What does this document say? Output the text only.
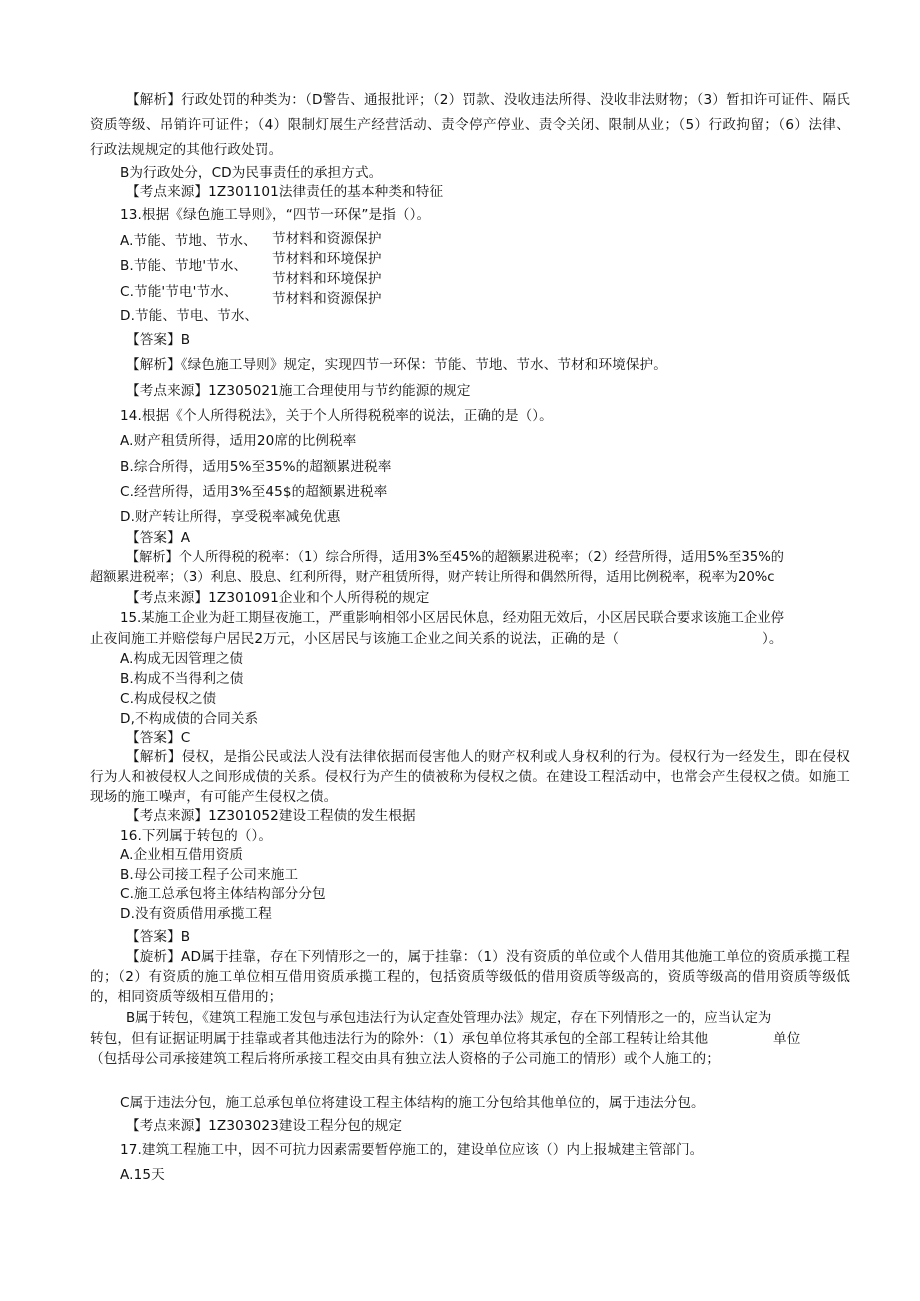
【解析】行政处罚的种类为：（D警告、通报批评；（2）罚款、没收违法所得、没收非法财物；（3）暂扣许可证件、隔氏资质等级、吊销许可证件；（4）限制灯展生产经营活动、责令停产停业、责令关闭、限制从业；（5）行政拘留；（6）法律、行政法规规定的其他行政处罚。
B为行政处分，CD为民事责任的承担方式。
【考点来源】1Z301101法律责任的基本种类和特征
13.根据《绿色施工导则》，“四节一环保”是指（）。
A.节能、节地、节水、 节材料和资源保护
B.节能、节地'节水、 节材料和环境保护
C.节能'节电'节水、
节材料和环境保护
节材料和资源保护
D.节能、节电、节水、
【答案】B
【解析】《绿色施工导则》规定，实现四节一环保：节能、节地、节水、节材和环境保护。
【考点来源】1Z305021施工合理使用与节约能源的规定
14.根据《个人所得税法》，关于个人所得税税率的说法，正确的是（）。
A.财产租赁所得，适用20席的比例税率
B.综合所得，适用5%至35%的超额累进税率
C.经营所得，适用3%至45$的超额累进税率
D.财产转让所得，享受税率减免优惠
【答案】A
【解析】个人所得税的税率：（1）综合所得，适用3%至45%的超额累进税率；（2）经营所得，适用5%至35%的
超额累进税率；（3）利息、股息、红利所得，财产租赁所得，财产转让所得和偶然所得，适用比例税率，税率为20%c
【考点来源】1Z301091企业和个人所得税的规定
15.某施工企业为赶工期昼夜施工，严重影响相邻小区居民休息，经劝阻无效后，小区居民联合要求该施工企业停
止夜间施工并赔偿每户居民2万元，小区居民与该施工企业之间关系的说法，正确的是（	）。
A.构成无因管理之债
B.构成不当得利之债
C.构成侵权之债
D,不构成债的合同关系
【答案】C
【解析】侵权，是指公民或法人没有法律依据而侵害他人的财产权利或人身权利的行为。侵权行为一经发生，即在侵权行为人和被侵权人之间形成债的关系。侵权行为产生的债被称为侵权之债。在建设工程活动中，也常会产生侵权之债。如施工现场的施工噪声，有可能产生侵权之债。
【考点来源】1Z301052建设工程债的发生根据
16.下列属于转包的（）。
A.企业相互借用资质
B.母公司接工程子公司来施工
C.施工总承包将主体结构部分分包
D.没有资质借用承揽工程
【答案】B
【旋析】AD属于挂靠，存在下列情形之一的，属于挂靠：（1）没有资质的单位或个人借用其他施工单位的资质承揽工程的；（2）有资质的施工单位相互借用资质承揽工程的，包括资质等级低的借用资质等级高的，资质等级高的借用资质等级低的，相同资质等级相互借用的；
B属于转包，《建筑工程施工发包与承包违法行为认定查处管理办法》规定，存在下列情形之一的，应当认定为
转包，但有证据证明属于挂靠或者其他违法行为的除外：（1）承包单位将其承包的全部工程转让给其他	单位
（包括母公司承接建筑工程后将所承接工程交由具有独立法人资格的子公司施工的情形）或个人施工的；
C属于违法分包，施工总承包单位将建设工程主体结构的施工分包给其他单位的，属于违法分包。
【考点来源】1Z303023建设工程分包的规定
17.建筑工程施工中，因不可抗力因素需要暂停施工的，建设单位应该（）内上报城建主管部门。
A.15天
